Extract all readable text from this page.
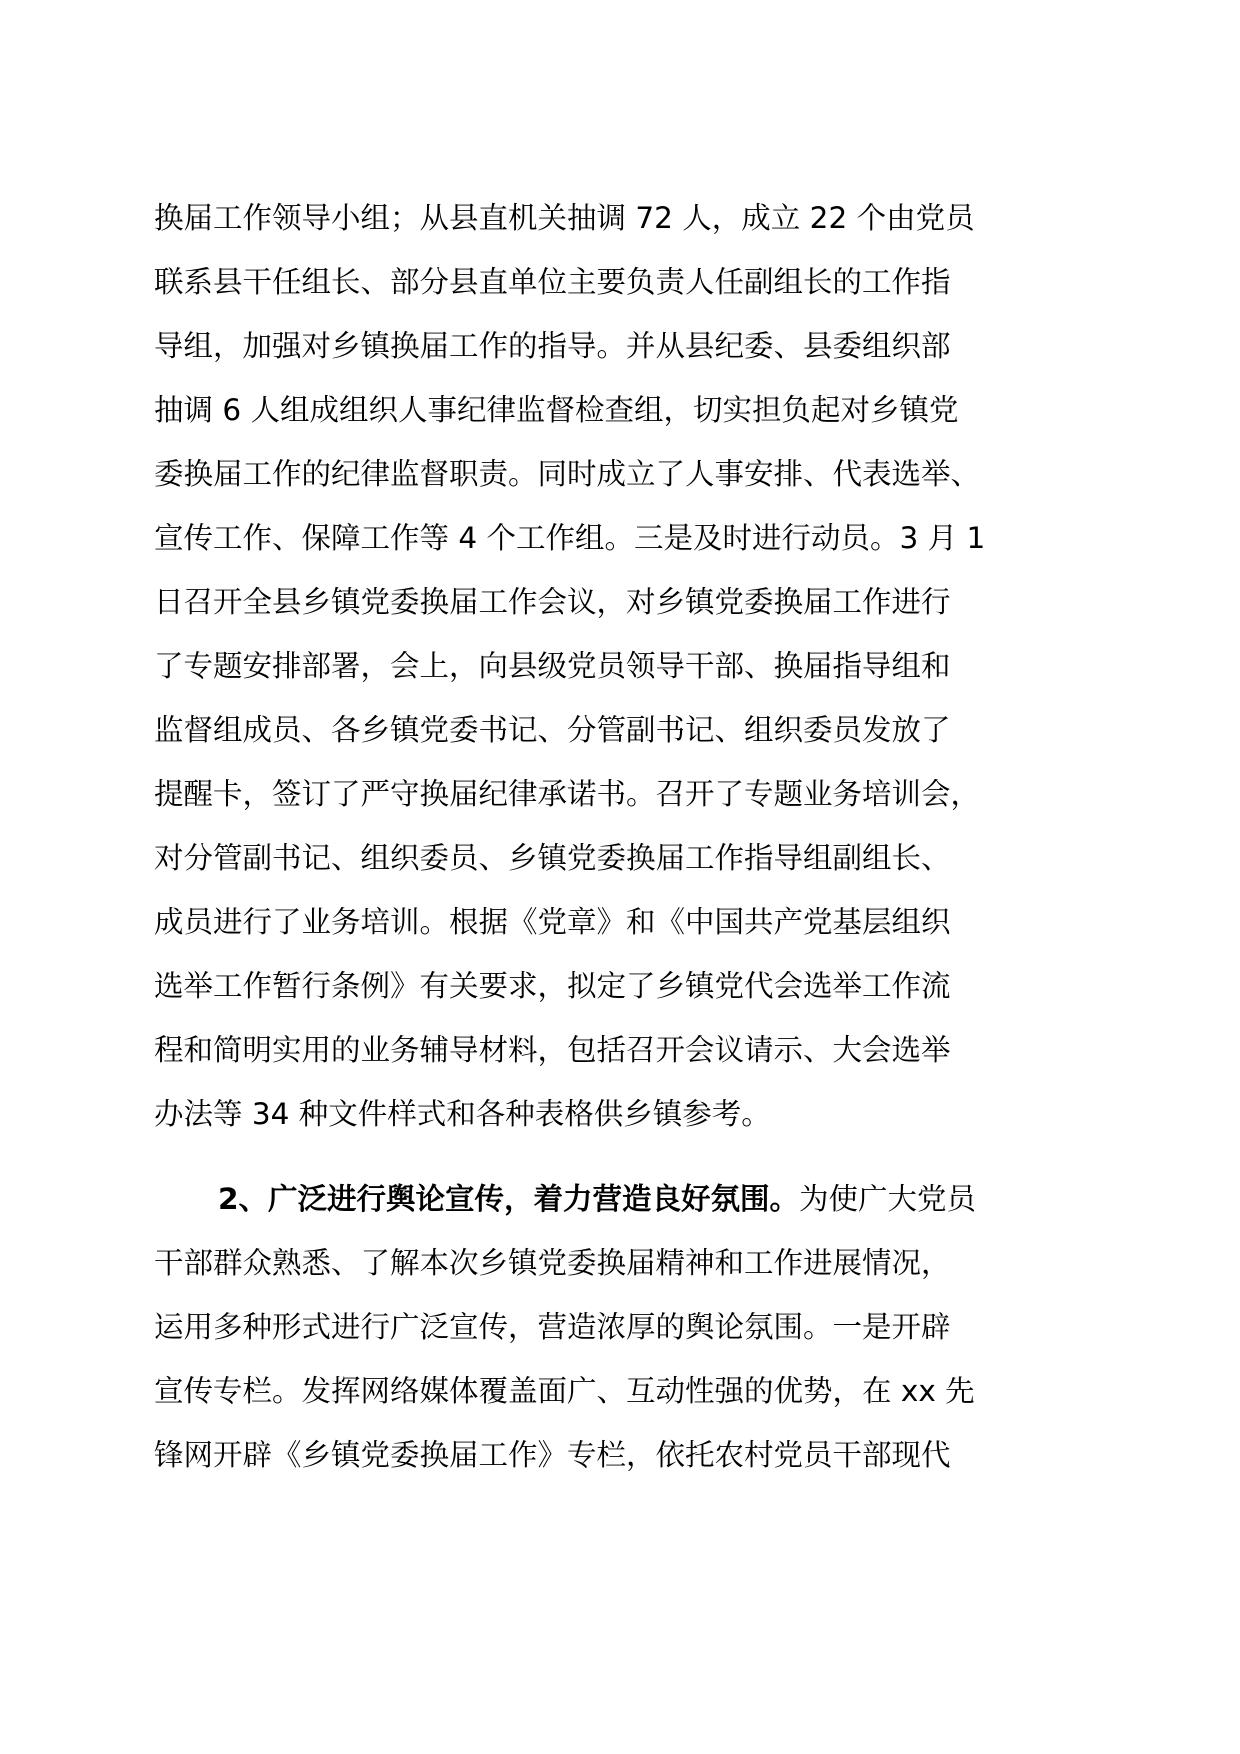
换届工作领导小组；从县直机关抽调 72 人，成立 22 个由党员
联系县干任组长、部分县直单位主要负责人任副组长的工作指
导组，加强对乡镇换届工作的指导。并从县纪委、县委组织部
抽调 6 人组成组织人事纪律监督检查组，切实担负起对乡镇党
委换届工作的纪律监督职责。同时成立了人事安排、代表选举、
宣传工作、保障工作等 4 个工作组。三是及时进行动员。3 月 1
日召开全县乡镇党委换届工作会议，对乡镇党委换届工作进行
了专题安排部署，会上，向县级党员领导干部、换届指导组和
监督组成员、各乡镇党委书记、分管副书记、组织委员发放了
提醒卡，签订了严守换届纪律承诺书。召开了专题业务培训会，
对分管副书记、组织委员、乡镇党委换届工作指导组副组长、
成员进行了业务培训。根据《党章》和《中国共产党基层组织
选举工作暂行条例》有关要求，拟定了乡镇党代会选举工作流
程和简明实用的业务辅导材料，包括召开会议请示、大会选举
办法等 34 种文件样式和各种表格供乡镇参考。
2、广泛进行舆论宣传，着力营造良好氛围。为使广大党员
干部群众熟悉、了解本次乡镇党委换届精神和工作进展情况，
运用多种形式进行广泛宣传，营造浓厚的舆论氛围。一是开辟
宣传专栏。发挥网络媒体覆盖面广、互动性强的优势，在 xx 先
锋网开辟《乡镇党委换届工作》专栏，依托农村党员干部现代
